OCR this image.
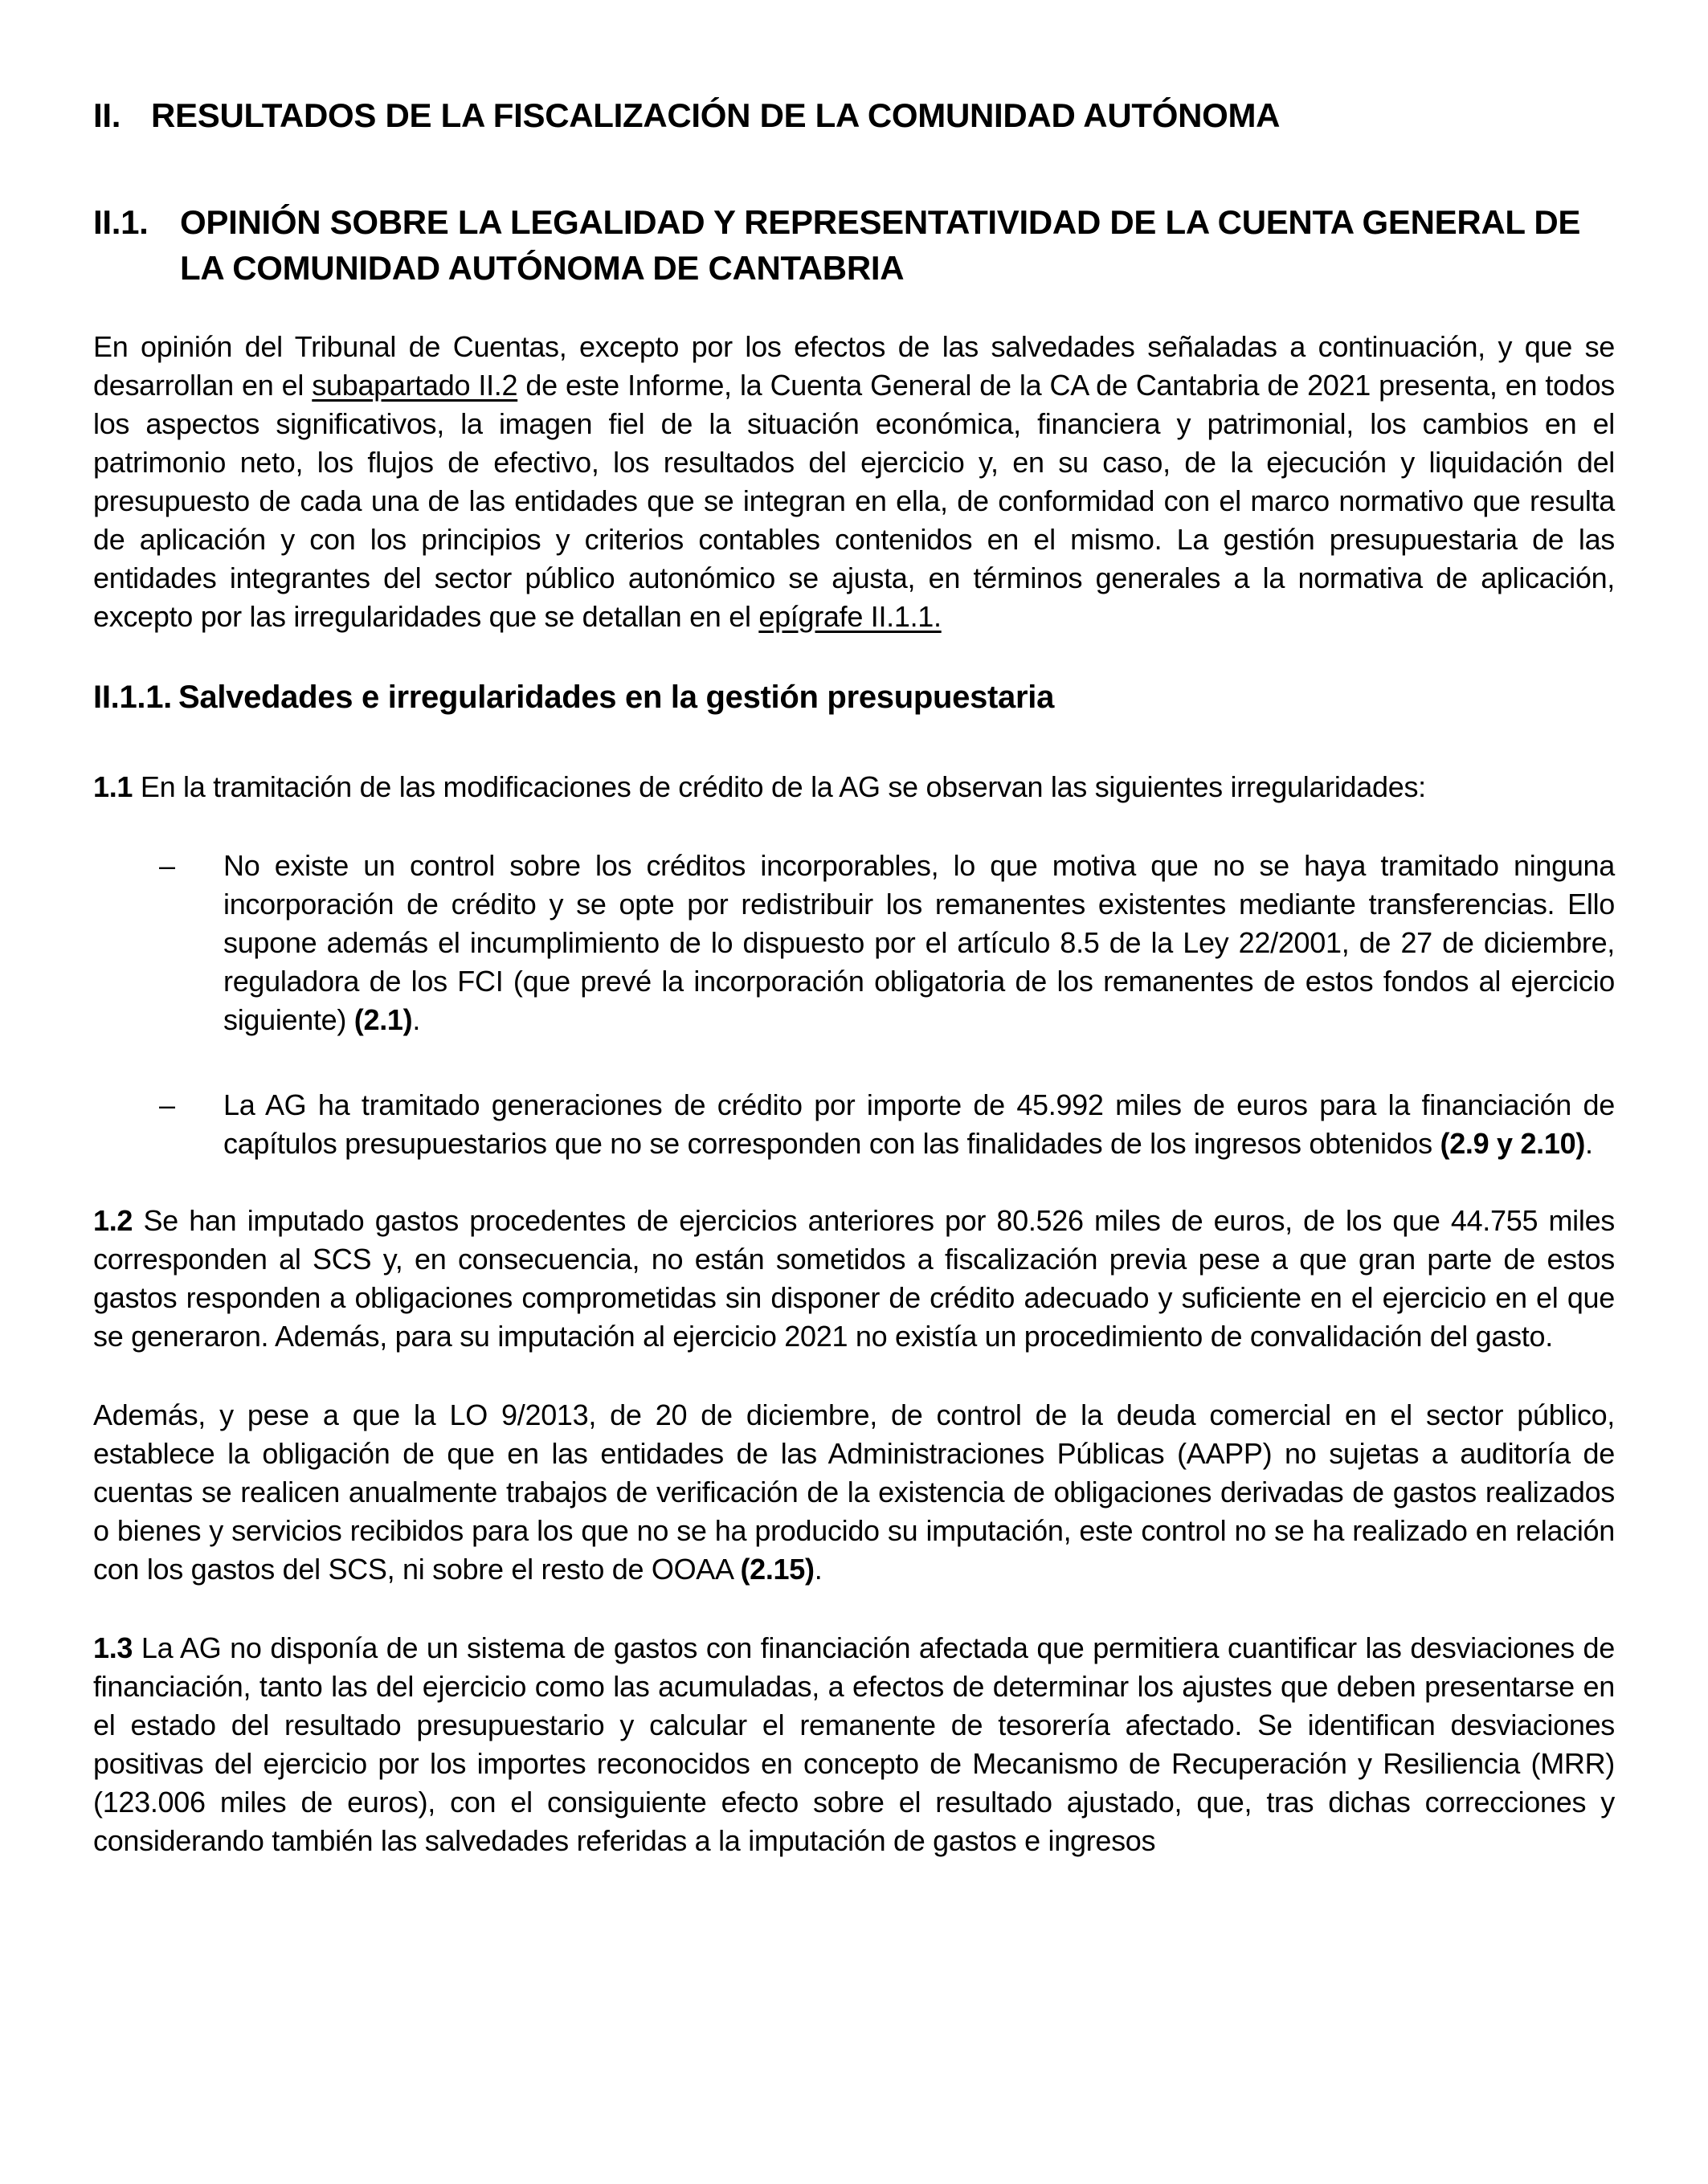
II. RESULTADOS DE LA FISCALIZACIÓN DE LA COMUNIDAD AUTÓNOMA
II.1. OPINIÓN SOBRE LA LEGALIDAD Y REPRESENTATIVIDAD DE LA CUENTA GENERAL DE LA COMUNIDAD AUTÓNOMA DE CANTABRIA

En opinión del Tribunal de Cuentas, excepto por los efectos de las salvedades señaladas a continuación, y que se desarrollan en el subapartado II.2 de este Informe, la Cuenta General de la CA de Cantabria de 2021 presenta, en todos los aspectos significativos, la imagen fiel de la situación económica, financiera y patrimonial, los cambios en el patrimonio neto, los flujos de efectivo, los resultados del ejercicio y, en su caso, de la ejecución y liquidación del presupuesto de cada una de las entidades que se integran en ella, de conformidad con el marco normativo que resulta de aplicación y con los principios y criterios contables contenidos en el mismo. La gestión presupuestaria de las entidades integrantes del sector público autonómico se ajusta, en términos generales a la normativa de aplicación, excepto por las irregularidades que se detallan en el epígrafe II.1.1.

II.1.1. Salvedades e irregularidades en la gestión presupuestaria

1.1 En la tramitación de las modificaciones de crédito de la AG se observan las siguientes irregularidades:

– No existe un control sobre los créditos incorporables, lo que motiva que no se haya tramitado ninguna incorporación de crédito y se opte por redistribuir los remanentes existentes mediante transferencias. Ello supone además el incumplimiento de lo dispuesto por el artículo 8.5 de la Ley 22/2001, de 27 de diciembre, reguladora de los FCI (que prevé la incorporación obligatoria de los remanentes de estos fondos al ejercicio siguiente) (2.1).
– La AG ha tramitado generaciones de crédito por importe de 45.992 miles de euros para la financiación de capítulos presupuestarios que no se corresponden con las finalidades de los ingresos obtenidos (2.9 y 2.10).

1.2 Se han imputado gastos procedentes de ejercicios anteriores por 80.526 miles de euros, de los que 44.755 miles corresponden al SCS y, en consecuencia, no están sometidos a fiscalización previa pese a que gran parte de estos gastos responden a obligaciones comprometidas sin disponer de crédito adecuado y suficiente en el ejercicio en el que se generaron. Además, para su imputación al ejercicio 2021 no existía un procedimiento de convalidación del gasto.

Además, y pese a que la LO 9/2013, de 20 de diciembre, de control de la deuda comercial en el sector público, establece la obligación de que en las entidades de las Administraciones Públicas (AAPP) no sujetas a auditoría de cuentas se realicen anualmente trabajos de verificación de la existencia de obligaciones derivadas de gastos realizados o bienes y servicios recibidos para los que no se ha producido su imputación, este control no se ha realizado en relación con los gastos del SCS, ni sobre el resto de OOAA (2.15).

1.3 La AG no disponía de un sistema de gastos con financiación afectada que permitiera cuantificar las desviaciones de financiación, tanto las del ejercicio como las acumuladas, a efectos de determinar los ajustes que deben presentarse en el estado del resultado presupuestario y calcular el remanente de tesorería afectado. Se identifican desviaciones positivas del ejercicio por los importes reconocidos en concepto de Mecanismo de Recuperación y Resiliencia (MRR) (123.006 miles de euros), con el consiguiente efecto sobre el resultado ajustado, que, tras dichas correcciones y considerando también las salvedades referidas a la imputación de gastos e ingresos
